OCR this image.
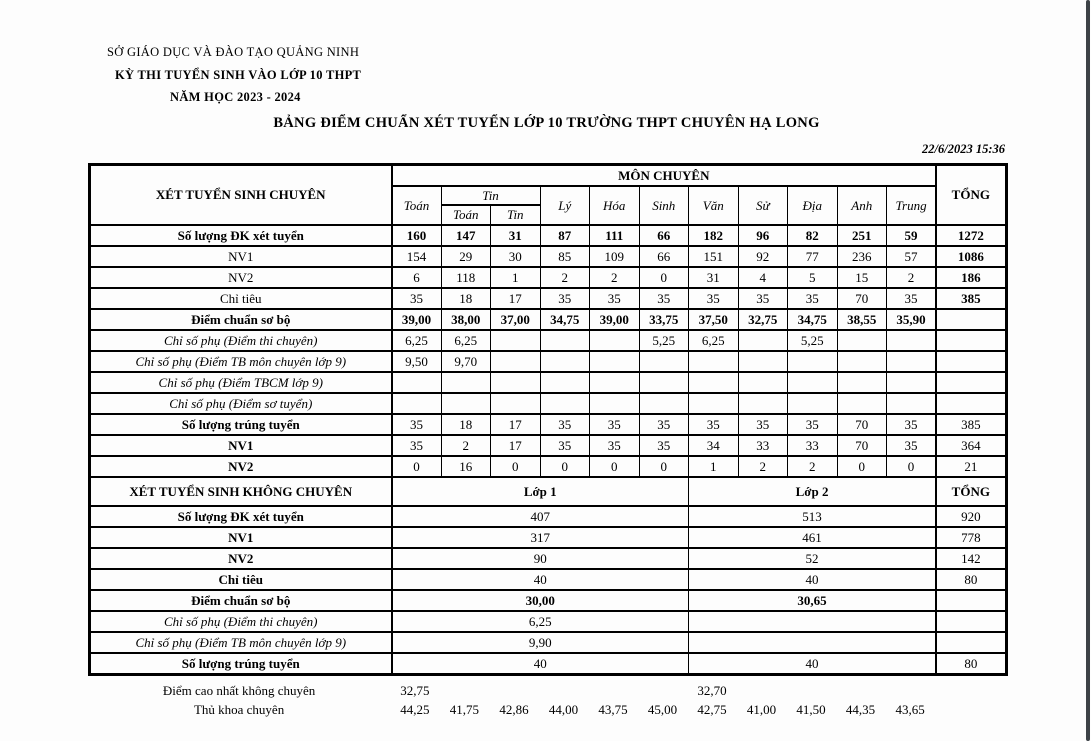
SỞ GIÁO DỤC VÀ ĐÀO TẠO QUẢNG NINH
KỲ THI TUYỂN SINH VÀO LỚP 10 THPT
NĂM HỌC 2023 - 2024
BẢNG ĐIỂM CHUẨN XÉT TUYỂN LỚP 10 TRƯỜNG THPT CHUYÊN HẠ LONG
22/6/2023 15:36
XÉT TUYỂN SINH CHUYÊN	MÔN CHUYÊN											TỔNG
	Toán	Tin		Lý	Hóa	Sinh	Văn	Sử	Địa	Anh	Trung	
		Toán	Tin									
Số lượng ĐK xét tuyển	160	147	31	87	111	66	182	96	82	251	59	1272
NV1	154	29	30	85	109	66	151	92	77	236	57	1086
NV2	6	118	1	2	2	0	31	4	5	15	2	186
Chỉ tiêu	35	18	17	35	35	35	35	35	35	70	35	385
Điểm chuẩn sơ bộ	39,00	38,00	37,00	34,75	39,00	33,75	37,50	32,75	34,75	38,55	35,90	
Chỉ số phụ (Điểm thi chuyên)	6,25	6,25				5,25	6,25		5,25			
Chỉ số phụ (Điểm TB môn chuyên lớp 9)	9,50	9,70										
Chỉ số phụ (Điểm TBCM lớp 9)												
Chỉ số phụ (Điểm sơ tuyển)												
Số lượng trúng tuyển	35	18	17	35	35	35	35	35	35	70	35	385
NV1	35	2	17	35	35	35	34	33	33	70	35	364
NV2	0	16	0	0	0	0	1	2	2	0	0	21
XÉT TUYỂN SINH KHÔNG CHUYÊN	Lớp 1						Lớp 2					TỔNG
Số lượng ĐK xét tuyển	407						513					920
NV1	317						461					778
NV2	90						52					142
Chỉ tiêu	40						40					80
Điểm chuẩn sơ bộ	30,00						30,65					
Chỉ số phụ (Điểm thi chuyên)	6,25											
Chỉ số phụ (Điểm TB môn chuyên lớp 9)	9,90											
Số lượng trúng tuyển	40						40					80
Điểm cao nhất không chuyên	32,75						32,70					
Thủ khoa chuyên	44,25	41,75	42,86	44,00	43,75	45,00	42,75	41,00	41,50	44,35	43,65	
